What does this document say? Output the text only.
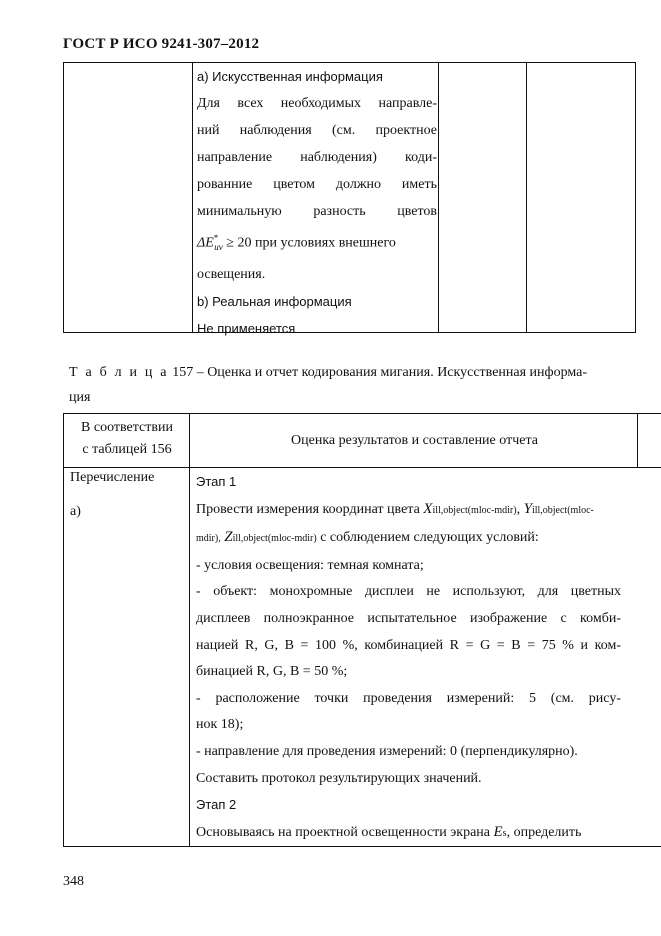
ГОСТ Р ИСО 9241-307–2012
а) Искусственная информация
Для всех необходимых направле-
ний наблюдения (см. проектное
направление наблюдения) коди-
рованние цветом должно иметь
минимальную разность цветов
$\Delta E^*_{uv} \ge 20$ при условиях внешнего
освещения.
b) Реальная информация
Не применяется
Т а б л и ц а 157 – Оценка и отчет кодирования мигания. Искусственная информа-
ция
В соответствии
с таблицей 156
Оценка результатов и составление отчета
Перечисление
а)

Этап 1

Провести измерения координат цвета Xill,object(mloc-mdir), Yill,object(mloc-

mdir), Zill,object(mloc-mdir) с соблюдением следующих условий:

- условия освещения: темная комната;

- объект: монохромные дисплеи не используют, для цветных

дисплеев полноэкранное испытательное изображение с комби-

нацией R, G, B = 100 %, комбинацией R = G = B = 75 % и ком-

бинацией R, G, B = 50 %;

- расположение точки проведения измерений: 5 (см. рису-

нок 18);

- направление для проведения измерений: 0 (перпендикулярно).

Составить протокол результирующих значений.

Этап 2

Основываясь на проектной освещенности экрана Es, определить

348
